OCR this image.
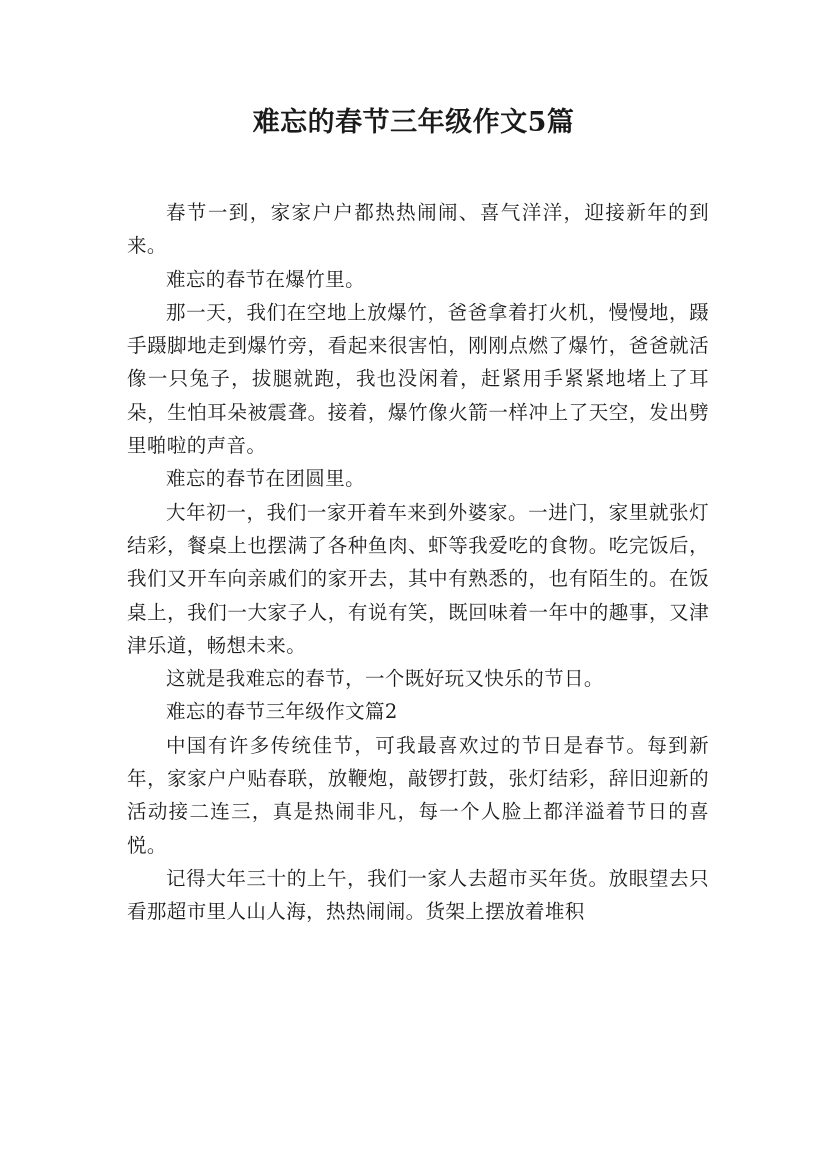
难忘的春节三年级作文5篇

春节一到，家家户户都热热闹闹、喜气洋洋，迎接新年的到来。

难忘的春节在爆竹里。

那一天，我们在空地上放爆竹，爸爸拿着打火机，慢慢地，蹑手蹑脚地走到爆竹旁，看起来很害怕，刚刚点燃了爆竹，爸爸就活像一只兔子，拔腿就跑，我也没闲着，赶紧用手紧紧地堵上了耳朵，生怕耳朵被震聋。接着，爆竹像火箭一样冲上了天空，发出劈里啪啦的声音。

难忘的春节在团圆里。

大年初一，我们一家开着车来到外婆家。一进门，家里就张灯结彩，餐桌上也摆满了各种鱼肉、虾等我爱吃的食物。吃完饭后，我们又开车向亲戚们的家开去，其中有熟悉的，也有陌生的。在饭桌上，我们一大家子人，有说有笑，既回味着一年中的趣事，又津津乐道，畅想未来。

这就是我难忘的春节，一个既好玩又快乐的节日。

难忘的春节三年级作文篇2

中国有许多传统佳节，可我最喜欢过的节日是春节。每到新年，家家户户贴春联，放鞭炮，敲锣打鼓，张灯结彩，辞旧迎新的活动接二连三，真是热闹非凡，每一个人脸上都洋溢着节日的喜悦。

记得大年三十的上午，我们一家人去超市买年货。放眼望去只看那超市里人山人海，热热闹闹。货架上摆放着堆积
